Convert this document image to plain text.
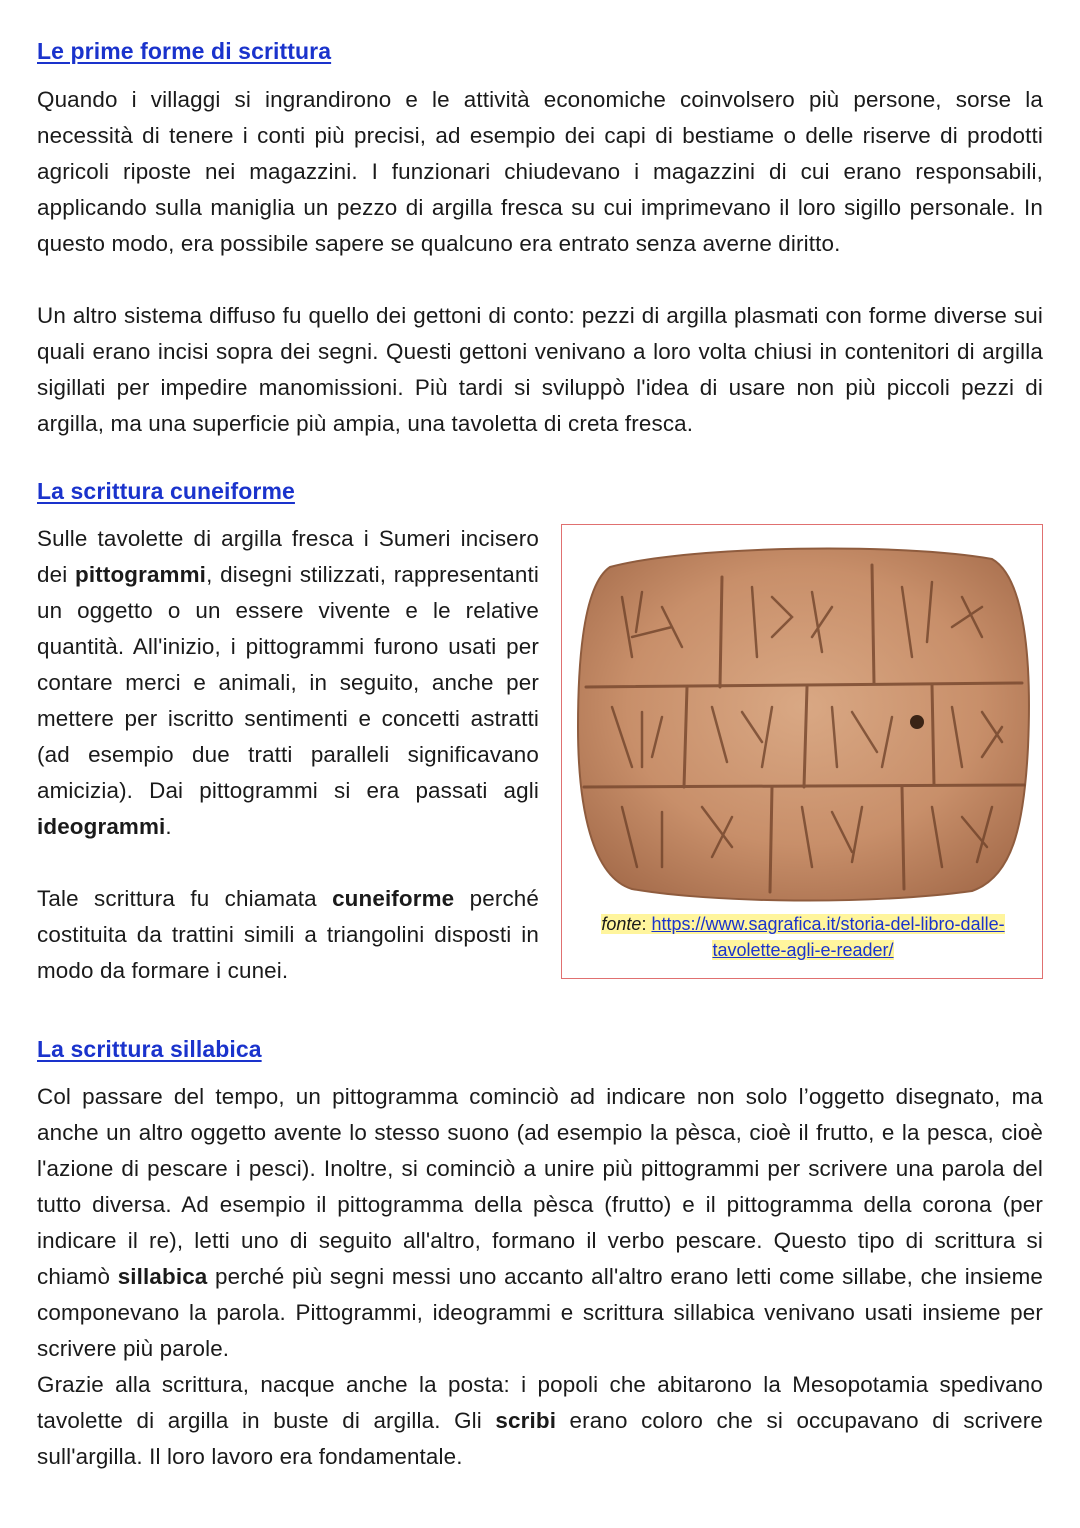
Le prime forme di scrittura

Quando i villaggi si ingrandirono e le attività economiche coinvolsero più persone, sorse la necessità di tenere i conti più precisi, ad esempio dei capi di bestiame o delle riserve di prodotti agricoli riposte nei magazzini. I funzionari chiudevano i magazzini di cui erano responsabili, applicando sulla maniglia un pezzo di argilla fresca su cui imprimevano il loro sigillo personale. In questo modo, era possibile sapere se qualcuno era entrato senza averne diritto.

Un altro sistema diffuso fu quello dei gettoni di conto: pezzi di argilla plasmati con forme diverse sui quali erano incisi sopra dei segni. Questi gettoni venivano a loro volta chiusi in contenitori di argilla sigillati per impedire manomissioni. Più tardi si sviluppò l'idea di usare non più piccoli pezzi di argilla, ma una superficie più ampia, una tavoletta di creta fresca.

La scrittura cuneiforme

Sulle tavolette di argilla fresca i Sumeri incisero dei pittogrammi, disegni stilizzati, rappresentanti un oggetto o un essere vivente e le relative quantità. All'inizio, i pittogrammi furono usati per contare merci e animali, in seguito, anche per mettere per iscritto sentimenti e concetti astratti (ad esempio due tratti paralleli significavano amicizia). Dai pittogrammi si era passati agli ideogrammi.

Tale scrittura fu chiamata cuneiforme perché costituita da trattini simili a triangolini disposti in modo da formare i cunei.

fonte: https://www.sagrafica.it/storia-del-libro-dalle-tavolette-agli-e-reader/
La scrittura sillabica

Col passare del tempo, un pittogramma cominciò ad indicare non solo l’oggetto disegnato, ma anche un altro oggetto avente lo stesso suono (ad esempio la pèsca, cioè il frutto, e la pesca, cioè l'azione di pescare i pesci). Inoltre, si cominciò a unire più pittogrammi per scrivere una parola del tutto diversa. Ad esempio il pittogramma della pèsca (frutto) e il pittogramma della corona (per indicare il re), letti uno di seguito all'altro, formano il verbo pescare. Questo tipo di scrittura si chiamò sillabica perché più segni messi uno accanto all'altro erano letti come sillabe, che insieme componevano la parola. Pittogrammi, ideogrammi e scrittura sillabica venivano usati insieme per scrivere più parole.

Grazie alla scrittura, nacque anche la posta: i popoli che abitarono la Mesopotamia spedivano tavolette di argilla in buste di argilla. Gli scribi erano coloro che si occupavano di scrivere sull'argilla. Il loro lavoro era fondamentale.
